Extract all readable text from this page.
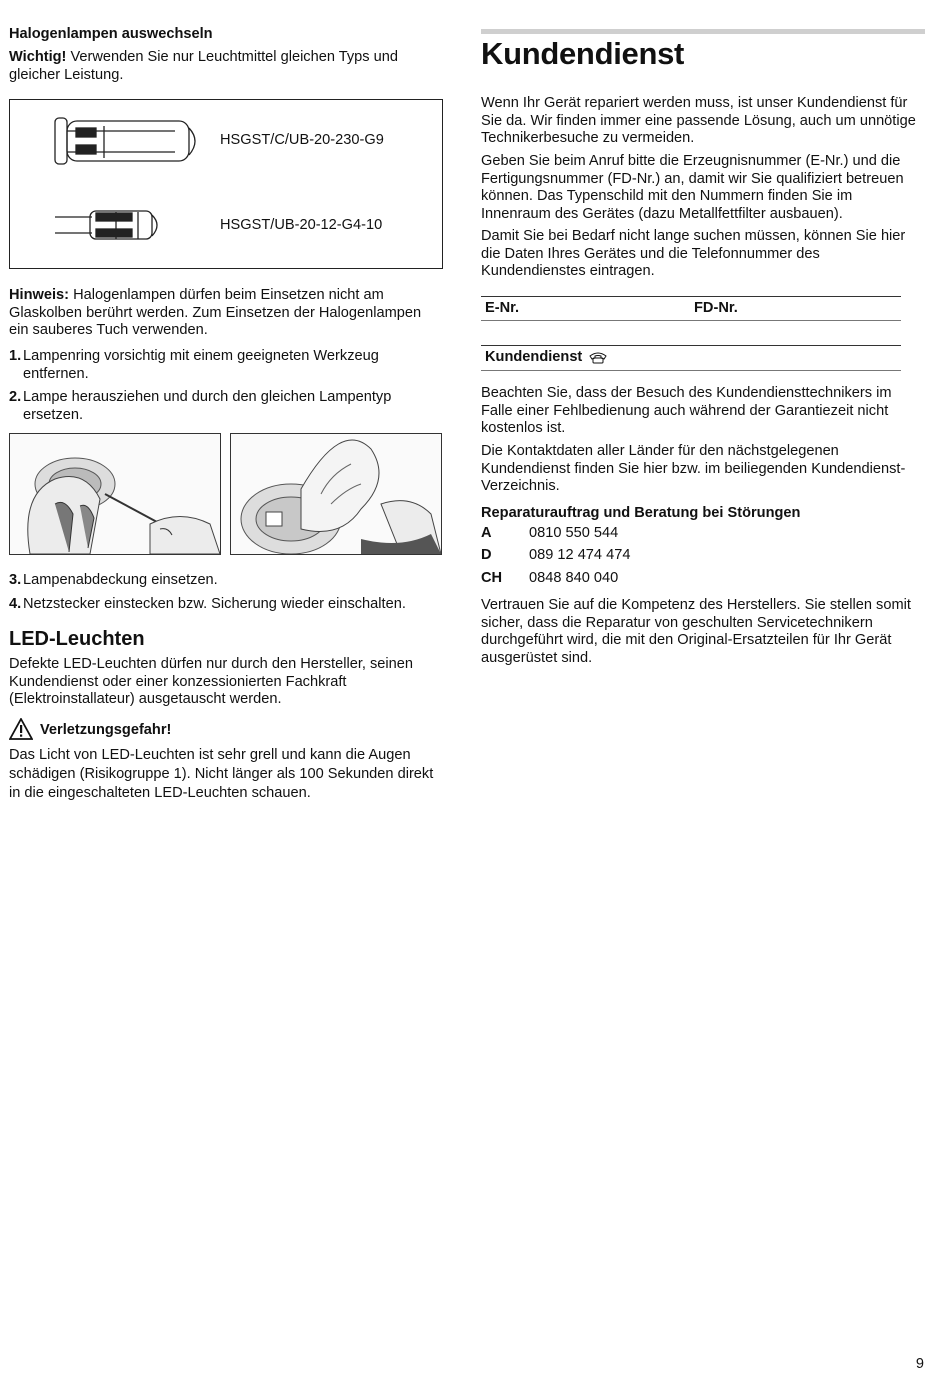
Halogenlampen auswechseln

Wichtig! Verwenden Sie nur Leuchtmittel gleichen Typs und gleicher Leistung.

HSGST/C/UB-20-230-G9
HSGST/UB-20-12-G4-10

Hinweis: Halogenlampen dürfen beim Einsetzen nicht am Glaskolben berührt werden. Zum Einsetzen der Halogenlampen ein sauberes Tuch verwenden.

1. Lampenring vorsichtig mit einem geeigneten Werkzeug entfernen.
2. Lampe herausziehen und durch den gleichen Lampentyp ersetzen.
3. Lampenabdeckung einsetzen.
4. Netzstecker einstecken bzw. Sicherung wieder einschalten.
LED-Leuchten

Defekte LED-Leuchten dürfen nur durch den Hersteller, seinen Kundendienst oder einer konzessionierten Fachkraft (Elektroinstallateur) ausgetauscht werden.

Verletzungsgefahr!

Das Licht von LED-Leuchten ist sehr grell und kann die Augen schädigen (Risikogruppe 1). Nicht länger als 100 Sekunden direkt in die eingeschalteten LED-Leuchten schauen.

Kundendienst

Wenn Ihr Gerät repariert werden muss, ist unser Kundendienst für Sie da. Wir finden immer eine passende Lösung, auch um unnötige Technikerbesuche zu vermeiden.

Geben Sie beim Anruf bitte die Erzeugnisnummer (E-Nr.) und die Fertigungsnummer (FD-Nr.) an, damit wir Sie qualifiziert betreuen können. Das Typenschild mit den Nummern finden Sie im Innenraum des Gerätes (dazu Metallfettfilter ausbauen).

Damit Sie bei Bedarf nicht lange suchen müssen, können Sie hier die Daten Ihres Gerätes und die Telefonnummer des Kundendienstes eintragen.

E-Nr.	FD-Nr.
Kundendienst

Beachten Sie, dass der Besuch des Kundendiensttechnikers im Falle einer Fehlbedienung auch während der Garantiezeit nicht kostenlos ist.

Die Kontaktdaten aller Länder für den nächstgelegenen Kundendienst finden Sie hier bzw. im beiliegenden Kundendienst-Verzeichnis.

Reparaturauftrag und Beratung bei Störungen
A	0810 550 544
D	089 12 474 474
CH	0848 840 040

Vertrauen Sie auf die Kompetenz des Herstellers. Sie stellen somit sicher, dass die Reparatur von geschulten Servicetechnikern durchgeführt wird, die mit den Original-Ersatzteilen für Ihr Gerät ausgerüstet sind.

9
